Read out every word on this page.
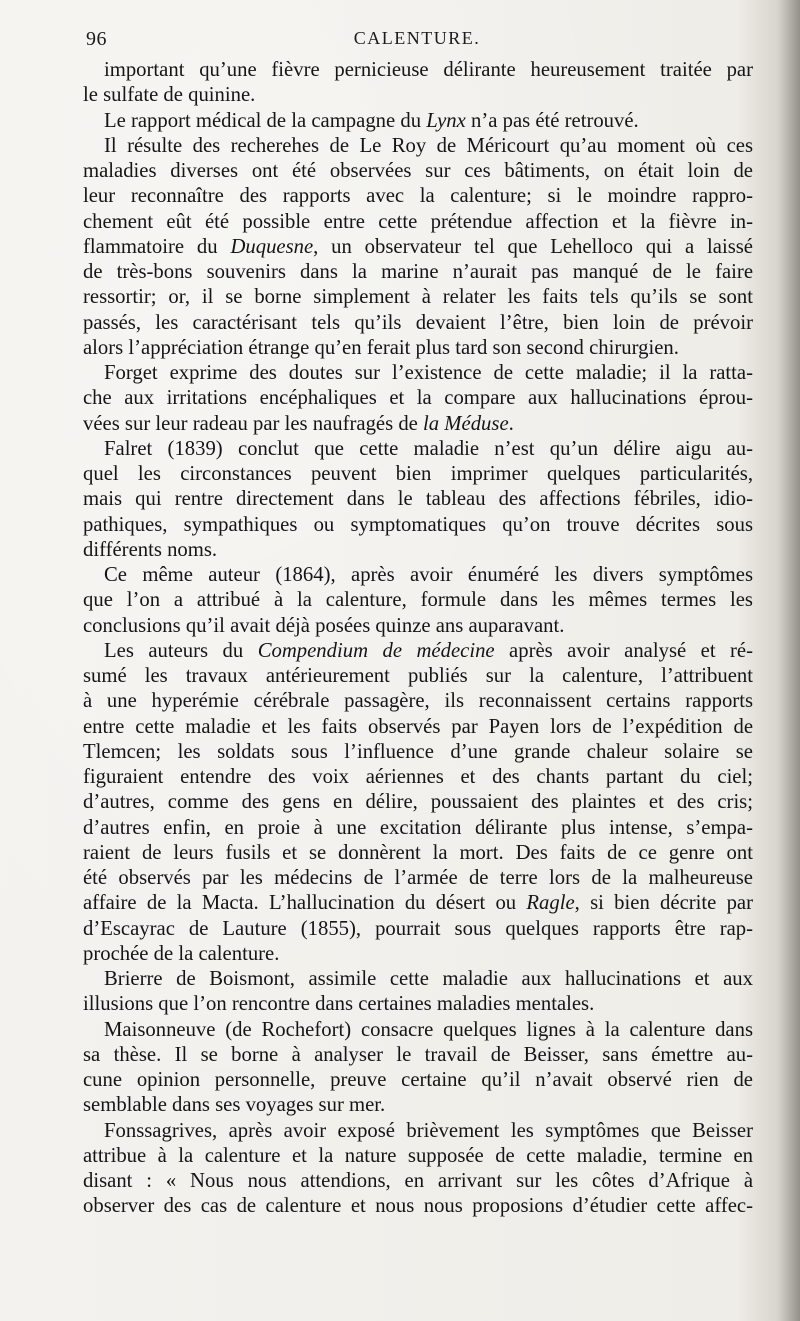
96	CALENTURE.
important qu’une fièvre pernicieuse délirante heureusement traitée par
le sulfate de quinine.
Le rapport médical de la campagne du Lynx n’a pas été retrouvé.
Il résulte des recherehes de Le Roy de Méricourt qu’au moment où ces
maladies diverses ont été observées sur ces bâtiments, on était loin de
leur reconnaître des rapports avec la calenture; si le moindre rappro-
chement eût été possible entre cette prétendue affection et la fièvre in-
flammatoire du Duquesne, un observateur tel que Lehelloco qui a laissé
de très-bons souvenirs dans la marine n’aurait pas manqué de le faire
ressortir; or, il se borne simplement à relater les faits tels qu’ils se sont
passés, les caractérisant tels qu’ils devaient l’être, bien loin de prévoir
alors l’appréciation étrange qu’en ferait plus tard son second chirurgien.
Forget exprime des doutes sur l’existence de cette maladie; il la ratta-
che aux irritations encéphaliques et la compare aux hallucinations éprou-
vées sur leur radeau par les naufragés de la Méduse.
Falret (1839) conclut que cette maladie n’est qu’un délire aigu au-
quel les circonstances peuvent bien imprimer quelques particularités,
mais qui rentre directement dans le tableau des affections fébriles, idio-
pathiques, sympathiques ou symptomatiques qu’on trouve décrites sous
différents noms.
Ce même auteur (1864), après avoir énuméré les divers symptômes
que l’on a attribué à la calenture, formule dans les mêmes termes les
conclusions qu’il avait déjà posées quinze ans auparavant.
Les auteurs du Compendium de médecine après avoir analysé et ré-
sumé les travaux antérieurement publiés sur la calenture, l’attribuent
à une hyperémie cérébrale passagère, ils reconnaissent certains rapports
entre cette maladie et les faits observés par Payen lors de l’expédition de
Tlemcen; les soldats sous l’influence d’une grande chaleur solaire se
figuraient entendre des voix aériennes et des chants partant du ciel;
d’autres, comme des gens en délire, poussaient des plaintes et des cris;
d’autres enfin, en proie à une excitation délirante plus intense, s’empa-
raient de leurs fusils et se donnèrent la mort. Des faits de ce genre ont
été observés par les médecins de l’armée de terre lors de la malheureuse
affaire de la Macta. L’hallucination du désert ou Ragle, si bien décrite par
d’Escayrac de Lauture (1855), pourrait sous quelques rapports être rap-
prochée de la calenture.
Brierre de Boismont, assimile cette maladie aux hallucinations et aux
illusions que l’on rencontre dans certaines maladies mentales.
Maisonneuve (de Rochefort) consacre quelques lignes à la calenture dans
sa thèse. Il se borne à analyser le travail de Beisser, sans émettre au-
cune opinion personnelle, preuve certaine qu’il n’avait observé rien de
semblable dans ses voyages sur mer.
Fonssagrives, après avoir exposé brièvement les symptômes que Beisser
attribue à la calenture et la nature supposée de cette maladie, termine en
disant : « Nous nous attendions, en arrivant sur les côtes d’Afrique à
observer des cas de calenture et nous nous proposions d’étudier cette affec-
